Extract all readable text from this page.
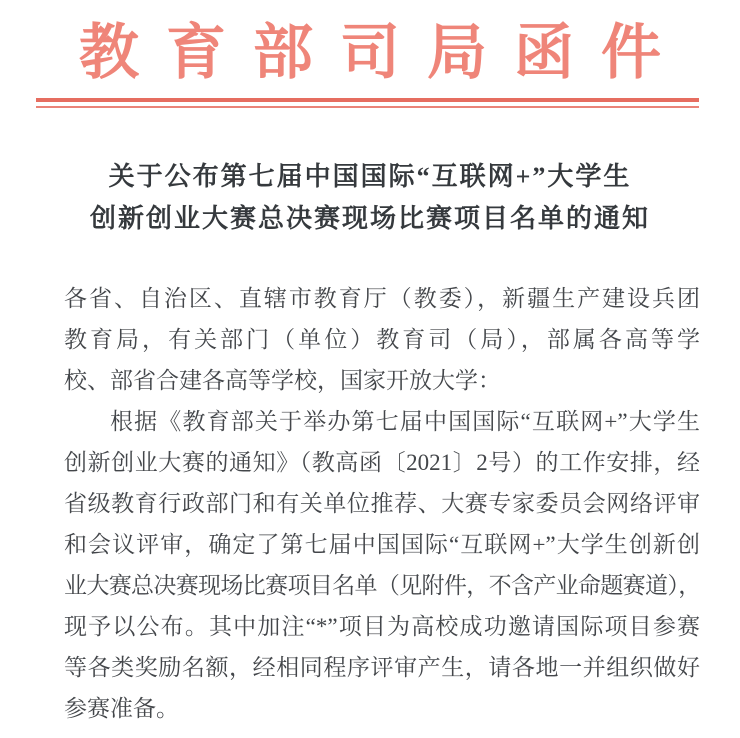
教育部司局函件
关于公布第七届中国国际“互联网+”大学生
创新创业大赛总决赛现场比赛项目名单的通知
各省、自治区、直辖市教育厅（教委），新疆生产建设兵团
教育局，有关部门（单位）教育司（局），部属各高等学
校、部省合建各高等学校，国家开放大学：
根据《教育部关于举办第七届中国国际“互联网+”大学生
创新创业大赛的通知》（教高函〔2021〕2号）的工作安排，经
省级教育行政部门和有关单位推荐、大赛专家委员会网络评审
和会议评审，确定了第七届中国国际“互联网+”大学生创新创
业大赛总决赛现场比赛项目名单（见附件，不含产业命题赛道），
现予以公布。其中加注“*”项目为高校成功邀请国际项目参赛
等各类奖励名额，经相同程序评审产生，请各地一并组织做好
参赛准备。
